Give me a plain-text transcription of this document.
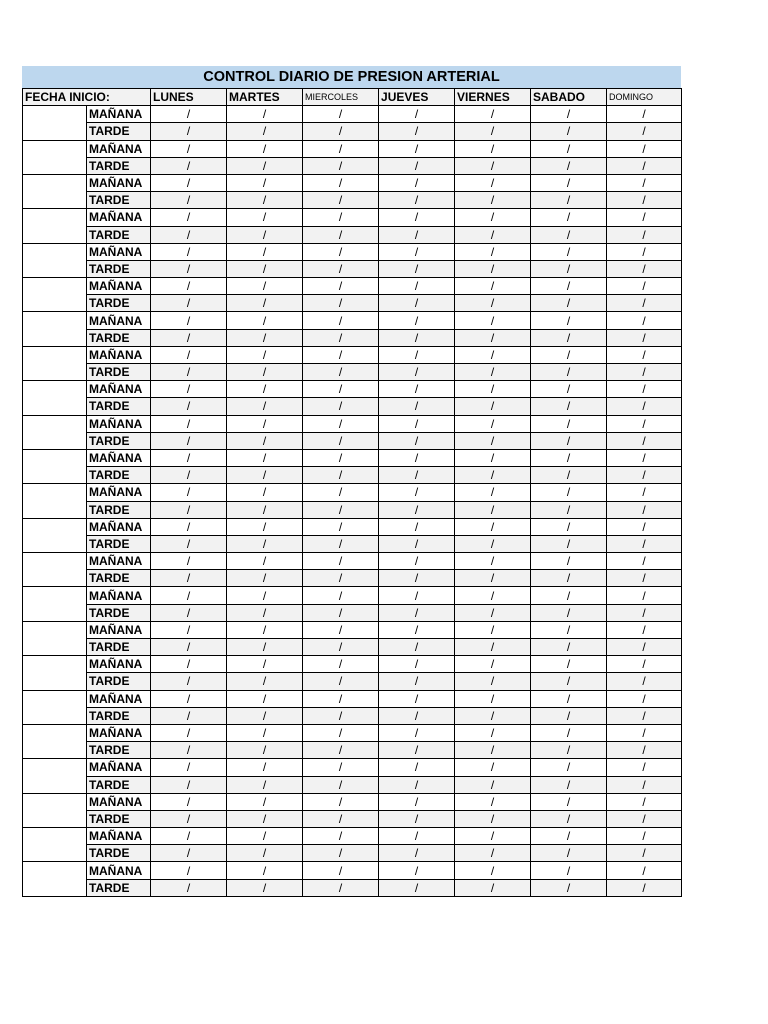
CONTROL DIARIO DE PRESION ARTERIAL
FECHA INICIO:		LUNES	MARTES	MIERCOLES	JUEVES	VIERNES	SABADO	DOMINGO
	MAÑANA	/	/	/	/	/	/	/
	TARDE	/	/	/	/	/	/	/
	MAÑANA	/	/	/	/	/	/	/
	TARDE	/	/	/	/	/	/	/
	MAÑANA	/	/	/	/	/	/	/
	TARDE	/	/	/	/	/	/	/
	MAÑANA	/	/	/	/	/	/	/
	TARDE	/	/	/	/	/	/	/
	MAÑANA	/	/	/	/	/	/	/
	TARDE	/	/	/	/	/	/	/
	MAÑANA	/	/	/	/	/	/	/
	TARDE	/	/	/	/	/	/	/
	MAÑANA	/	/	/	/	/	/	/
	TARDE	/	/	/	/	/	/	/
	MAÑANA	/	/	/	/	/	/	/
	TARDE	/	/	/	/	/	/	/
	MAÑANA	/	/	/	/	/	/	/
	TARDE	/	/	/	/	/	/	/
	MAÑANA	/	/	/	/	/	/	/
	TARDE	/	/	/	/	/	/	/
	MAÑANA	/	/	/	/	/	/	/
	TARDE	/	/	/	/	/	/	/
	MAÑANA	/	/	/	/	/	/	/
	TARDE	/	/	/	/	/	/	/
	MAÑANA	/	/	/	/	/	/	/
	TARDE	/	/	/	/	/	/	/
	MAÑANA	/	/	/	/	/	/	/
	TARDE	/	/	/	/	/	/	/
	MAÑANA	/	/	/	/	/	/	/
	TARDE	/	/	/	/	/	/	/
	MAÑANA	/	/	/	/	/	/	/
	TARDE	/	/	/	/	/	/	/
	MAÑANA	/	/	/	/	/	/	/
	TARDE	/	/	/	/	/	/	/
	MAÑANA	/	/	/	/	/	/	/
	TARDE	/	/	/	/	/	/	/
	MAÑANA	/	/	/	/	/	/	/
	TARDE	/	/	/	/	/	/	/
	MAÑANA	/	/	/	/	/	/	/
	TARDE	/	/	/	/	/	/	/
	MAÑANA	/	/	/	/	/	/	/
	TARDE	/	/	/	/	/	/	/
	MAÑANA	/	/	/	/	/	/	/
	TARDE	/	/	/	/	/	/	/
	MAÑANA	/	/	/	/	/	/	/
	TARDE	/	/	/	/	/	/	/
